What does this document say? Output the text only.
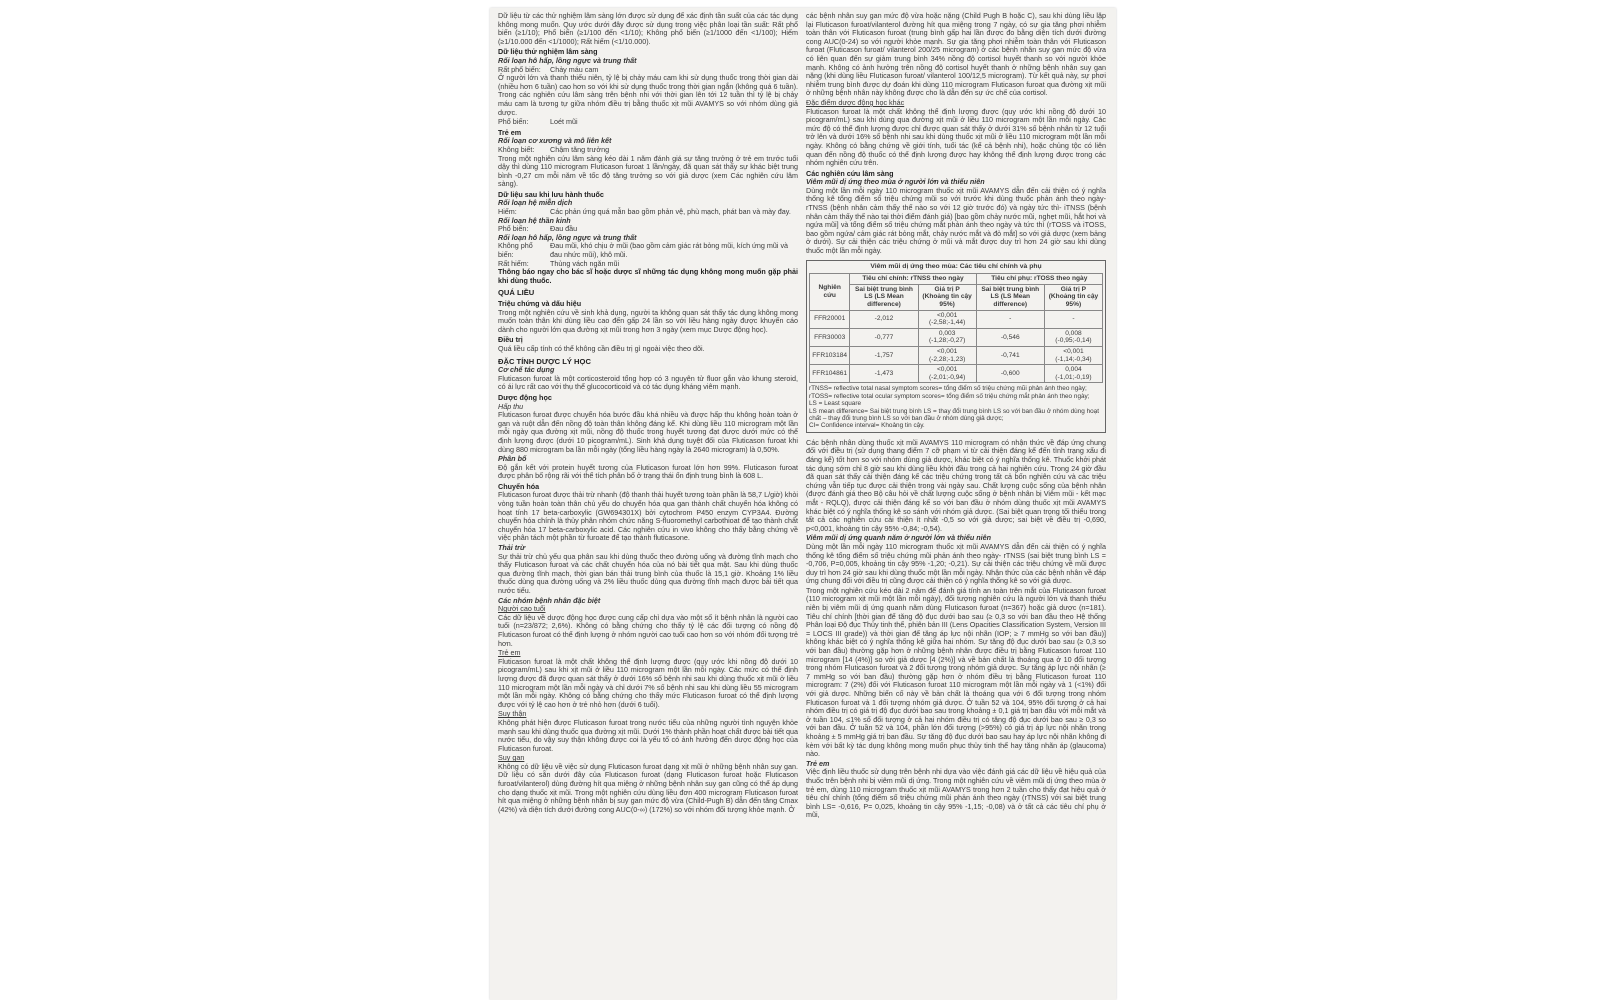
Dữ liệu từ các thử nghiệm lâm sàng lớn được sử dụng để xác định tần suất của các tác dụng không mong muốn. Quy ước dưới đây được sử dụng trong việc phân loại tần suất: Rất phổ biến (≥1/10); Phổ biến (≥1/100 đến <1/10); Không phổ biến (≥1/1000 đến <1/100); Hiếm (≥1/10.000 đến <1/1000); Rất hiếm (<1/10.000).

Dữ liệu thử nghiệm lâm sàng
Rối loạn hô hấp, lồng ngực và trung thất
Rất phổ biến:	Chảy máu cam

Ở người lớn và thanh thiếu niên, tỷ lệ bị chảy máu cam khi sử dụng thuốc trong thời gian dài (nhiều hơn 6 tuần) cao hơn so với khi sử dụng thuốc trong thời gian ngắn (không quá 6 tuần). Trong các nghiên cứu lâm sàng trên bệnh nhi với thời gian lên tới 12 tuần thì tỷ lệ bị chảy máu cam là tương tự giữa nhóm điều trị bằng thuốc xịt mũi AVAMYS so với nhóm dùng giả dược.

Phổ biến:	Loét mũi
Trẻ em
Rối loạn cơ xương và mô liên kết
Không biết:	Chậm tăng trưởng

Trong một nghiên cứu lâm sàng kéo dài 1 năm đánh giá sự tăng trưởng ở trẻ em trước tuổi dậy thì dùng 110 microgram Fluticason furoat 1 lần/ngày, đã quan sát thấy sự khác biệt trung bình -0,27 cm mỗi năm về tốc độ tăng trưởng so với giả dược (xem Các nghiên cứu lâm sàng).

Dữ liệu sau khi lưu hành thuốc
Rối loạn hệ miễn dịch
Hiếm:	Các phản ứng quá mẫn bao gồm phản vệ, phù mạch, phát ban và mày đay.
Rối loạn hệ thần kinh
Phổ biến:	Đau đầu
Rối loạn hô hấp, lồng ngực và trung thất
Không phổ biến:
Đau mũi, khó chịu ở mũi (bao gồm cảm giác rát bỏng mũi, kích ứng mũi và đau nhức mũi), khô mũi.
Rất hiếm:	Thủng vách ngăn mũi

Thông báo ngay cho bác sĩ hoặc dược sĩ những tác dụng không mong muốn gặp phải khi dùng thuốc.

QUÁ LIỀU
Triệu chứng và dấu hiệu

Trong một nghiên cứu về sinh khả dụng, người ta không quan sát thấy tác dụng không mong muốn toàn thân khi dùng liều cao đến gấp 24 lần so với liều hàng ngày được khuyến cáo dành cho người lớn qua đường xịt mũi trong hơn 3 ngày (xem mục Dược động học).

Điều trị

Quá liều cấp tính có thể không cần điều trị gì ngoài việc theo dõi.

ĐẶC TÍNH DƯỢC LÝ HỌC
Cơ chế tác dụng

Fluticason furoat là một corticosteroid tổng hợp có 3 nguyên tử fluor gắn vào khung steroid, có ái lực rất cao với thụ thể glucocorticoid và có tác dụng kháng viêm mạnh.

Dược động học
Hấp thu

Fluticason furoat được chuyển hóa bước đầu khá nhiều và được hấp thu không hoàn toàn ở gan và ruột dẫn đến nồng độ toàn thân không đáng kể. Khi dùng liều 110 microgram một lần mỗi ngày qua đường xịt mũi, nồng độ thuốc trong huyết tương đạt được dưới mức có thể định lượng được (dưới 10 picogram/mL). Sinh khả dụng tuyệt đối của Fluticason furoat khi dùng 880 microgram ba lần mỗi ngày (tổng liều hàng ngày là 2640 microgram) là 0,50%.

Phân bố

Độ gắn kết với protein huyết tương của Fluticason furoat lớn hơn 99%. Fluticason furoat được phân bố rộng rãi với thể tích phân bố ở trạng thái ổn định trung bình là 608 L.

Chuyển hóa

Fluticason furoat được thải trừ nhanh (độ thanh thải huyết tương toàn phần là 58,7 L/giờ) khỏi vòng tuần hoàn toàn thân chủ yếu do chuyển hóa qua gan thành chất chuyển hóa không có hoạt tính 17 beta-carboxylic (GW694301X) bởi cytochrom P450 enzym CYP3A4. Đường chuyển hóa chính là thủy phân nhóm chức năng S-fluoromethyl carbothioat để tạo thành chất chuyển hóa 17 beta-carboxylic acid. Các nghiên cứu in vivo không cho thấy bằng chứng về việc phân tách một phần từ furoate để tạo thành fluticasone.

Thải trừ

Sự thải trừ chủ yếu qua phân sau khi dùng thuốc theo đường uống và đường tĩnh mạch cho thấy Fluticason furoat và các chất chuyển hóa của nó bài tiết qua mật. Sau khi dùng thuốc qua đường tĩnh mạch, thời gian bán thải trung bình của thuốc là 15,1 giờ. Khoảng 1% liều thuốc dùng qua đường uống và 2% liều thuốc dùng qua đường tĩnh mạch được bài tiết qua nước tiểu.

Các nhóm bệnh nhân đặc biệt
Người cao tuổi

Các dữ liệu về dược động học được cung cấp chỉ dựa vào một số ít bệnh nhân là người cao tuổi (n=23/872; 2,6%). Không có bằng chứng cho thấy tỷ lệ các đối tượng có nồng độ Fluticason furoat có thể định lượng ở nhóm người cao tuổi cao hơn so với nhóm đối tượng trẻ hơn.

Trẻ em

Fluticason furoat là một chất không thể định lượng được (quy ước khi nồng độ dưới 10 picogram/mL) sau khi xịt mũi ở liều 110 microgram một lần mỗi ngày. Các mức có thể định lượng được đã được quan sát thấy ở dưới 16% số bệnh nhi sau khi dùng thuốc xịt mũi ở liều 110 microgram một lần mỗi ngày và chỉ dưới 7% số bệnh nhi sau khi dùng liều 55 microgram một lần mỗi ngày. Không có bằng chứng cho thấy mức Fluticason furoat có thể định lượng được với tỷ lệ cao hơn ở trẻ nhỏ hơn (dưới 6 tuổi).

Suy thận

Không phát hiện được Fluticason furoat trong nước tiểu của những người tình nguyện khỏe mạnh sau khi dùng thuốc qua đường xịt mũi. Dưới 1% thành phần hoạt chất được bài tiết qua nước tiểu, do vậy suy thận không được coi là yếu tố có ảnh hưởng đến dược động học của Fluticason furoat.

Suy gan

Không có dữ liệu về việc sử dụng Fluticason furoat dạng xịt mũi ở những bệnh nhân suy gan. Dữ liệu có sẵn dưới đây của Fluticason furoat (dạng Fluticason furoat hoặc Fluticason furoat/vilanterol) dùng đường hít qua miệng ở những bệnh nhân suy gan cũng có thể áp dụng cho dạng thuốc xịt mũi. Trong một nghiên cứu dùng liều đơn 400 microgram Fluticason furoat hít qua miệng ở những bệnh nhân bị suy gan mức độ vừa (Child-Pugh B) dẫn đến tăng Cmax (42%) và diện tích dưới đường cong AUC(0-∞) (172%) so với nhóm đối tượng khỏe mạnh. Ở

các bệnh nhân suy gan mức độ vừa hoặc nặng (Child Pugh B hoặc C), sau khi dùng liều lặp lại Fluticason furoat/vilanterol đường hít qua miệng trong 7 ngày, có sự gia tăng phơi nhiễm toàn thân với Fluticason furoat (trung bình gấp hai lần được đo bằng diện tích dưới đường cong AUC(0-24) so với người khỏe mạnh. Sự gia tăng phơi nhiễm toàn thân với Fluticason furoat (Fluticason furoat/ vilanterol 200/25 microgram) ở các bệnh nhân suy gan mức độ vừa có liên quan đến sự giảm trung bình 34% nồng độ cortisol huyết thanh so với người khỏe mạnh. Không có ảnh hưởng trên nồng độ cortisol huyết thanh ở những bệnh nhân suy gan nặng (khi dùng liều Fluticason furoat/ vilanterol 100/12,5 microgram). Từ kết quả này, sự phơi nhiễm trung bình được dự đoán khi dùng 110 microgram Fluticason furoat qua đường xịt mũi ở những bệnh nhân này không được cho là dẫn đến sự ức chế của cortisol.

Đặc điểm dược động học khác

Fluticason furoat là một chất không thể định lượng được (quy ước khi nồng độ dưới 10 picogram/mL) sau khi dùng qua đường xịt mũi ở liều 110 microgram một lần mỗi ngày. Các mức độ có thể định lượng được chỉ được quan sát thấy ở dưới 31% số bệnh nhân từ 12 tuổi trở lên và dưới 16% số bệnh nhi sau khi dùng thuốc xịt mũi ở liều 110 microgram một lần mỗi ngày. Không có bằng chứng về giới tính, tuổi tác (kể cả bệnh nhi), hoặc chủng tộc có liên quan đến nồng độ thuốc có thể định lượng được hay không thể định lượng được trong các nhóm nghiên cứu trên.

Các nghiên cứu lâm sàng
Viêm mũi dị ứng theo mùa ở người lớn và thiếu niên

Dùng một lần mỗi ngày 110 microgram thuốc xịt mũi AVAMYS dẫn đến cải thiện có ý nghĩa thống kê tổng điểm số triệu chứng mũi so với trước khi dùng thuốc phản ánh theo ngày- rTNSS (bệnh nhân cảm thấy thế nào so với 12 giờ trước đó) và ngày tức thì- iTNSS (bệnh nhân cảm thấy thế nào tại thời điểm đánh giá) [bao gồm chảy nước mũi, nghẹt mũi, hắt hơi và ngứa mũi] và tổng điểm số triệu chứng mắt phản ánh theo ngày và tức thì (rTOSS và iTOSS, bao gồm ngứa/ cảm giác rát bỏng mắt, chảy nước mắt và đỏ mắt] so với giả dược (xem bảng ở dưới). Sự cải thiện các triệu chứng ở mũi và mắt được duy trì hơn 24 giờ sau khi dùng thuốc một lần mỗi ngày.

Viêm mũi dị ứng theo mùa: Các tiêu chí chính và phụ
Nghiên cứu	Tiêu chí chính: rTNSS theo ngày		Tiêu chí phụ: rTOSS theo ngày	
	Sai biệt trung bình LS (LS Mean difference)	Giá trị P (Khoảng tin cậy 95%)	Sai biệt trung bình LS (LS Mean difference)	Giá trị P (Khoảng tin cậy 95%)
FFR20001	-2,012	<0,001 (-2,58;-1,44)	-	-
FFR30003	-0,777	0,003 (-1,28;-0,27)	-0,546	0,008 (-0,95;-0,14)
FFR103184	-1,757	<0,001 (-2,28;-1,23)	-0,741	<0,001 (-1,14;-0,34)
FFR104861	-1,473	<0,001 (-2,01;-0,94)	-0,600	0,004 (-1,01;-0,19)
rTNSS= reflective total nasal symptom scores= tổng điểm số triệu chứng mũi phản ánh theo ngày;
rTOSS= reflective total ocular symptom scores= tổng điểm số triệu chứng mắt phản ánh theo ngày;
LS = Least square
LS mean difference= Sai biệt trung bình LS = thay đổi trung bình LS so với ban đầu ở nhóm dùng hoạt chất – thay đổi trung bình LS so với ban đầu ở nhóm dùng giả dược;
CI= Confidence interval= Khoảng tin cậy.

Các bệnh nhân dùng thuốc xịt mũi AVAMYS 110 microgram có nhận thức về đáp ứng chung đối với điều trị (sử dụng thang điểm 7 cỡ phạm vi từ cải thiện đáng kể đến tình trạng xấu đi đáng kể) tốt hơn so với nhóm dùng giả dược, khác biệt có ý nghĩa thống kê. Thuốc khởi phát tác dụng sớm chỉ 8 giờ sau khi dùng liều khởi đầu trong cả hai nghiên cứu. Trong 24 giờ đầu đã quan sát thấy cải thiện đáng kể các triệu chứng trong tất cả bốn nghiên cứu và các triệu chứng vẫn tiếp tục được cải thiện trong vài ngày sau. Chất lượng cuộc sống của bệnh nhân (được đánh giá theo Bộ câu hỏi về chất lượng cuộc sống ở bệnh nhân bị Viêm mũi - kết mạc mắt - RQLQ), được cải thiện đáng kể so với ban đầu ở nhóm dùng thuốc xịt mũi AVAMYS khác biệt có ý nghĩa thống kê so sánh với nhóm giả dược. (Sai biệt quan trọng tối thiểu trong tất cả các nghiên cứu cải thiện ít nhất -0,5 so với giả dược; sai biệt về điều trị -0,690, p<0,001, khoảng tin cậy 95% -0,84; -0,54).

Viêm mũi dị ứng quanh năm ở người lớn và thiếu niên

Dùng một lần mỗi ngày 110 microgram thuốc xịt mũi AVAMYS dẫn đến cải thiện có ý nghĩa thống kê tổng điểm số triệu chứng mũi phản ánh theo ngày- rTNSS (sai biệt trung bình LS = -0,706, P=0,005, khoảng tin cậy 95% -1,20; -0,21). Sự cải thiện các triệu chứng về mũi được duy trì hơn 24 giờ sau khi dùng thuốc một lần mỗi ngày. Nhận thức của các bệnh nhân về đáp ứng chung đối với điều trị cũng được cải thiện có ý nghĩa thống kê so với giả dược.

Trong một nghiên cứu kéo dài 2 năm để đánh giá tính an toàn trên mắt của Fluticason furoat (110 microgram xịt mũi một lần mỗi ngày), đối tượng nghiên cứu là người lớn và thanh thiếu niên bị viêm mũi dị ứng quanh năm dùng Fluticason furoat (n=367) hoặc giả dược (n=181). Tiêu chí chính [thời gian để tăng độ đục dưới bao sau (≥ 0,3 so với ban đầu theo Hệ thống Phân loại Độ đục Thủy tinh thể, phiên bản III (Lens Opacities Classification System, Version III = LOCS III grade)) và thời gian để tăng áp lực nội nhãn (IOP; ≥ 7 mmHg so với ban đầu)] không khác biệt có ý nghĩa thống kê giữa hai nhóm. Sự tăng độ đục dưới bao sau (≥ 0,3 so với ban đầu) thường gặp hơn ở những bệnh nhân được điều trị bằng Fluticason furoat 110 microgram [14 (4%)] so với giả dược [4 (2%)] và về bản chất là thoáng qua ở 10 đối tượng trong nhóm Fluticason furoat và 2 đối tượng trong nhóm giả dược. Sự tăng áp lực nội nhãn (≥ 7 mmHg so với ban đầu) thường gặp hơn ở nhóm điều trị bằng Fluticason furoat 110 microgram: 7 (2%) đối với Fluticason furoat 110 microgram một lần mỗi ngày và 1 (<1%) đối với giả dược. Những biến cố này về bản chất là thoáng qua với 6 đối tượng trong nhóm Fluticason furoat và 1 đối tượng nhóm giả dược. Ở tuần 52 và 104, 95% đối tượng ở cả hai nhóm điều trị có giá trị độ đục dưới bao sau trong khoảng ± 0,1 giá trị ban đầu với mỗi mắt và ở tuần 104, ≤1% số đối tượng ở cả hai nhóm điều trị có tăng độ đục dưới bao sau ≥ 0,3 so với ban đầu. Ở tuần 52 và 104, phần lớn đối tượng (>95%) có giá trị áp lực nội nhãn trong khoảng ± 5 mmHg giá trị ban đầu. Sự tăng độ đục dưới bao sau hay áp lực nội nhãn không đi kèm với bất kỳ tác dụng không mong muốn phục thủy tinh thể hay tăng nhãn áp (glaucoma) nào.

Trẻ em

Việc định liều thuốc sử dụng trên bệnh nhi dựa vào việc đánh giá các dữ liệu về hiệu quả của thuốc trên bệnh nhi bị viêm mũi dị ứng. Trong một nghiên cứu về viêm mũi dị ứng theo mùa ở trẻ em, dùng 110 microgram thuốc xịt mũi AVAMYS trong hơn 2 tuần cho thấy đạt hiệu quả ở tiêu chí chính (tổng điểm số triệu chứng mũi phản ánh theo ngày (rTNSS) với sai biệt trung bình LS= -0,616, P= 0,025, khoảng tin cậy 95% -1,15; -0,08) và ở tất cả các tiêu chí phụ ở mũi,
